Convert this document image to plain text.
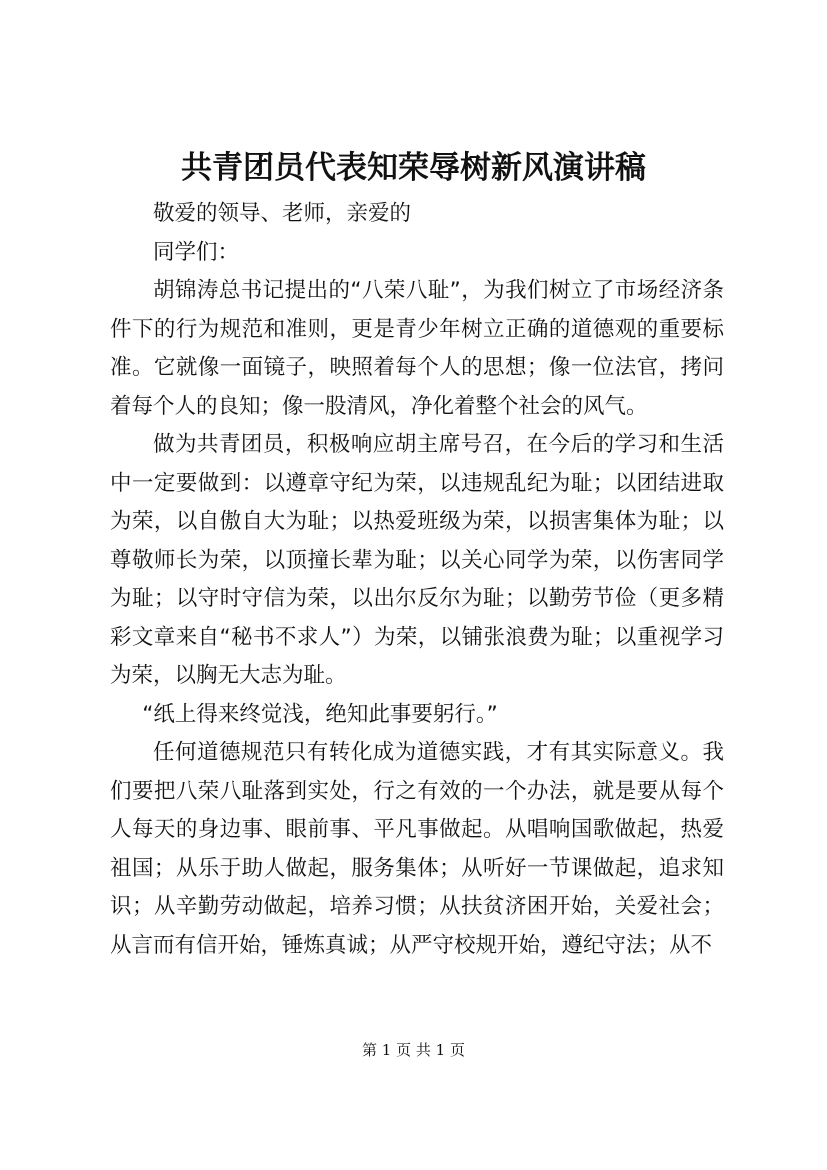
共青团员代表知荣辱树新风演讲稿

敬爱的领导、老师，亲爱的

同学们：

胡锦涛总书记提出的“八荣八耻”，为我们树立了市场经济条件下的行为规范和准则，更是青少年树立正确的道德观的重要标准。它就像一面镜子，映照着每个人的思想；像一位法官，拷问着每个人的良知；像一股清风，净化着整个社会的风气。

做为共青团员，积极响应胡主席号召，在今后的学习和生活中一定要做到：以遵章守纪为荣，以违规乱纪为耻；以团结进取为荣，以自傲自大为耻；以热爱班级为荣，以损害集体为耻；以尊敬师长为荣，以顶撞长辈为耻；以关心同学为荣，以伤害同学为耻；以守时守信为荣，以出尔反尔为耻；以勤劳节俭（更多精彩文章来自“秘书不求人”）为荣，以铺张浪费为耻；以重视学习为荣，以胸无大志为耻。

“纸上得来终觉浅，绝知此事要躬行。”

任何道德规范只有转化成为道德实践，才有其实际意义。我们要把八荣八耻落到实处，行之有效的一个办法，就是要从每个人每天的身边事、眼前事、平凡事做起。从唱响国歌做起，热爱祖国；从乐于助人做起，服务集体；从听好一节课做起，追求知识；从辛勤劳动做起，培养习惯；从扶贫济困开始，关爱社会；从言而有信开始，锤炼真诚；从严守校规开始，遵纪守法；从不

第 1 页 共 1 页
